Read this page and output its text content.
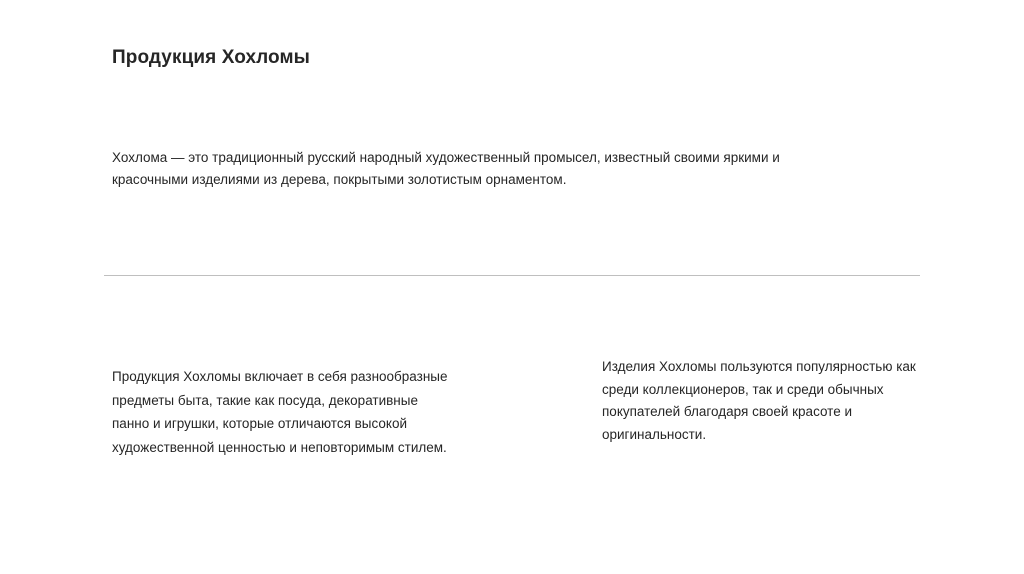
Продукция Хохломы
Хохлома — это традиционный русский народный художественный промысел, известный своими яркими и красочными изделиями из дерева, покрытыми золотистым орнаментом.
Продукция Хохломы включает в себя разнообразные предметы быта, такие как посуда, декоративные панно и игрушки, которые отличаются высокой художественной ценностью и неповторимым стилем.
Изделия Хохломы пользуются популярностью как среди коллекционеров, так и среди обычных покупателей благодаря своей красоте и оригинальности.
